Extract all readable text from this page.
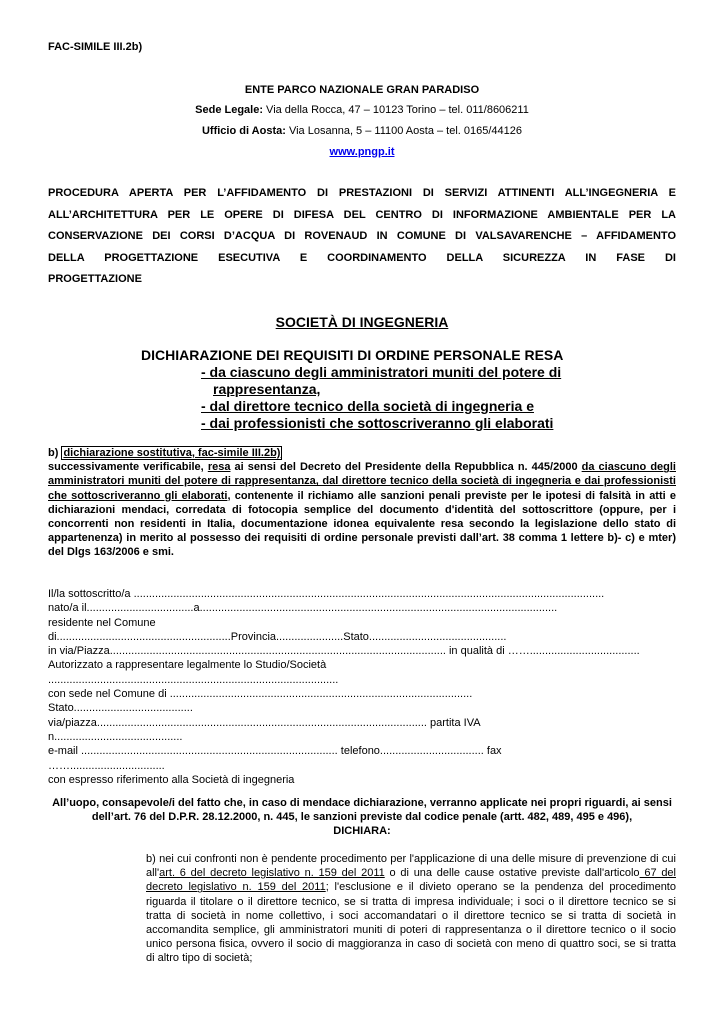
FAC-SIMILE III.2b)
ENTE PARCO NAZIONALE GRAN PARADISO
Sede Legale: Via della Rocca, 47 – 10123 Torino – tel. 011/8606211
Ufficio di Aosta: Via Losanna, 5 – 11100 Aosta – tel. 0165/44126
www.pngp.it
PROCEDURA APERTA PER L’AFFIDAMENTO DI PRESTAZIONI DI SERVIZI ATTINENTI ALL’INGEGNERIA E
ALL’ARCHITETTURA PER LE OPERE DI DIFESA DEL CENTRO DI INFORMAZIONE AMBIENTALE PER LA
CONSERVAZIONE DEI CORSI D’ACQUA DI ROVENAUD IN COMUNE DI VALSAVARENCHE – AFFIDAMENTO
DELLA PROGETTAZIONE ESECUTIVA E COORDINAMENTO DELLA SICUREZZA IN FASE DI
PROGETTAZIONE
SOCIETÀ DI INGEGNERIA
DICHIARAZIONE DEI REQUISITI DI ORDINE PERSONALE RESA
- da ciascuno degli amministratori muniti del potere di
rappresentanza,
- dal direttore tecnico della società di ingegneria e
- dai professionisti che sottoscriveranno gli elaborati
b) dichiarazione sostitutiva, fac-simile III.2b)
successivamente verificabile, resa ai sensi del Decreto del Presidente della Repubblica n. 445/2000 da ciascuno degli amministratori muniti del potere di rappresentanza, dal direttore tecnico della società di ingegneria e dai professionisti che sottoscriveranno gli elaborati, contenente il richiamo alle sanzioni penali previste per le ipotesi di falsità in atti e dichiarazioni mendaci, corredata di fotocopia semplice del documento d'identità del sottoscrittore (oppure, per i concorrenti non residenti in Italia, documentazione idonea equivalente resa secondo la legislazione dello stato di appartenenza) in merito al possesso dei requisiti di ordine personale previsti dall’art. 38 comma 1 lettere b)- c) e mter) del Dlgs 163/2006 e smi.
Il/la sottoscritto/a ..........................................................................................................................................................
nato/a il...................................a.....................................................................................................................
residente nel Comune
di.........................................................Provincia......................Stato.............................................
in via/Piazza.............................................................................................................. in qualità di ……....................................
Autorizzato a rappresentare legalmente lo Studio/Società
...............................................................................................
con sede nel Comune di ...................................................................................................
Stato.......................................
via/piazza............................................................................................................ partita IVA
n..........................................
e-mail .................................................................................... telefono.................................. fax
……...............................
con espresso riferimento alla Società di ingegneria
All’uopo, consapevole/i del fatto che, in caso di mendace dichiarazione, verranno applicate nei propri riguardi, ai sensi dell’art. 76 del D.P.R. 28.12.2000, n. 445, le sanzioni previste dal codice penale (artt. 482, 489, 495 e 496),
DICHIARA:
b) nei cui confronti non è pendente procedimento per l'applicazione di una delle misure di prevenzione di cui all'art. 6 del decreto legislativo n. 159 del 2011 o di una delle cause ostative previste dall'articolo 67 del decreto legislativo n. 159 del 2011; l'esclusione e il divieto operano se la pendenza del procedimento riguarda il titolare o il direttore tecnico, se si tratta di impresa individuale; i soci o il direttore tecnico se si tratta di società in nome collettivo, i soci accomandatari o il direttore tecnico se si tratta di società in accomandita semplice, gli amministratori muniti di poteri di rappresentanza o il direttore tecnico o il socio unico persona fisica, ovvero il socio di maggioranza in caso di società con meno di quattro soci, se si tratta di altro tipo di società;
